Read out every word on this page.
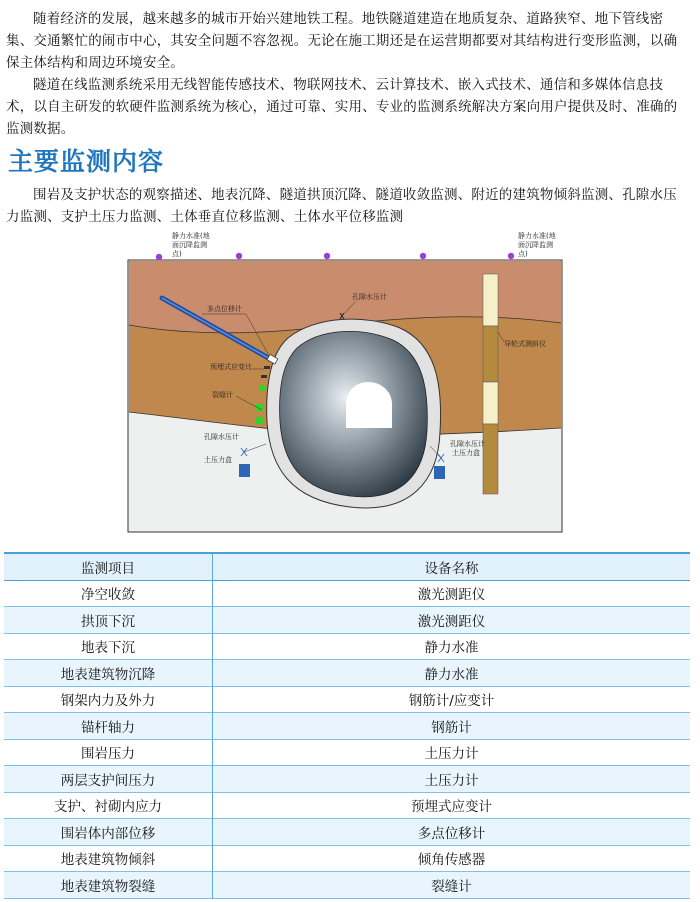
随着经济的发展，越来越多的城市开始兴建地铁工程。地铁隧道建造在地质复杂、道路狭窄、地下管线密集、交通繁忙的闹市中心，其安全问题不容忽视。无论在施工期还是在运营期都要对其结构进行变形监测，以确保主体结构和周边环境安全。

隧道在线监测系统采用无线智能传感技术、物联网技术、云计算技术、嵌入式技术、通信和多媒体信息技术，以自主研发的软硬件监测系统为核心，通过可靠、实用、专业的监测系统解决方案向用户提供及时、准确的监测数据。

主要监测内容

围岩及支护状态的观察描述、地表沉降、隧道拱顶沉降、隧道收敛监测、附近的建筑物倾斜监测、孔隙水压力监测、支护土压力监测、土体垂直位移监测、土体水平位移监测

静力水准(地
面沉降监测
点)
静力水准(地
面沉降监测
点)
多点位移计
孔隙水压计
导轮式测斜仪
预埋式应变计
裂缝计
孔隙水压计
土压力盒
孔隙水压计
土压力盒
监测项目	设备名称
净空收敛	激光测距仪
拱顶下沉	激光测距仪
地表下沉	静力水准
地表建筑物沉降	静力水准
钢架内力及外力	钢筋计/应变计
锚杆轴力	钢筋计
围岩压力	土压力计
两层支护间压力	土压力计
支护、衬砌内应力	预埋式应变计
围岩体内部位移	多点位移计
地表建筑物倾斜	倾角传感器
地表建筑物裂缝	裂缝计
